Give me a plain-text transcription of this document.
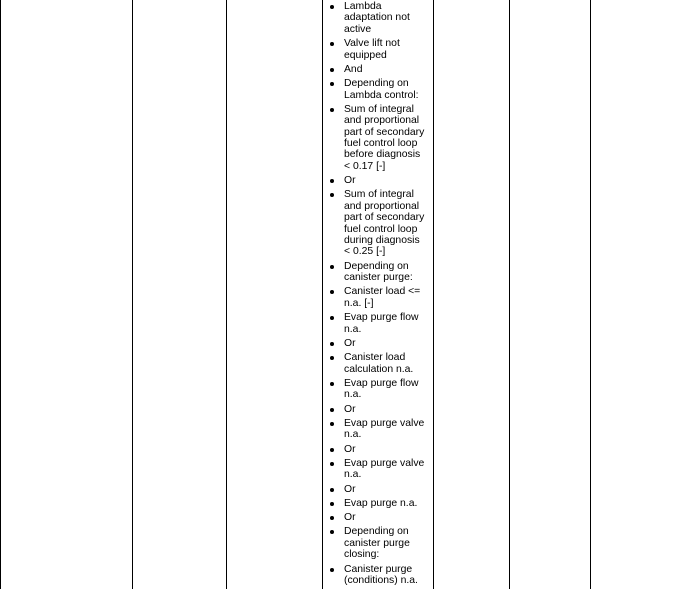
Lambda adaptation not active
Valve lift not equipped
And
Depending on Lambda control:
Sum of integral and proportional part of secondary fuel control loop before diagnosis < 0.17 [-]
Or
Sum of integral and proportional part of secondary fuel control loop during diagnosis < 0.25 [-]
Depending on canister purge:
Canister load <= n.a. [-]
Evap purge flow n.a.
Or
Canister load calculation n.a.
Evap purge flow n.a.
Or
Evap purge valve n.a.
Or
Evap purge valve n.a.
Or
Evap purge n.a.
Or
Depending on canister purge closing:
Canister purge (conditions) n.a.
